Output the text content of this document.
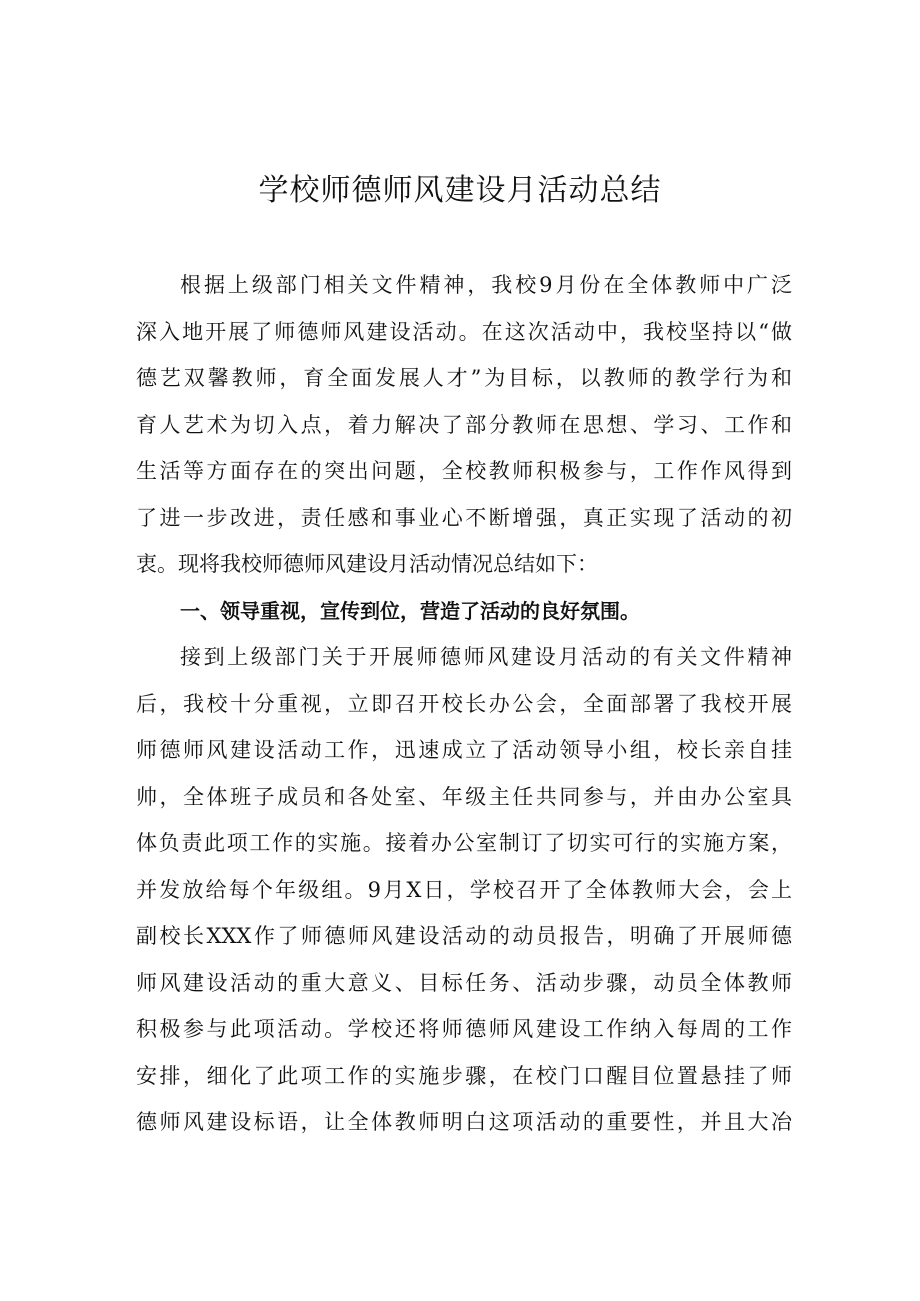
学校师德师风建设月活动总结
根据上级部门相关文件精神，我校9月份在全体教师中广泛
深入地开展了师德师风建设活动。在这次活动中，我校坚持以“做
德艺双馨教师，育全面发展人才”为目标，以教师的教学行为和
育人艺术为切入点，着力解决了部分教师在思想、学习、工作和
生活等方面存在的突出问题，全校教师积极参与，工作作风得到
了进一步改进，责任感和事业心不断增强，真正实现了活动的初
衷。现将我校师德师风建设月活动情况总结如下：
一、领导重视，宣传到位，营造了活动的良好氛围。
接到上级部门关于开展师德师风建设月活动的有关文件精神
后，我校十分重视，立即召开校长办公会，全面部署了我校开展
师德师风建设活动工作，迅速成立了活动领导小组，校长亲自挂
帅，全体班子成员和各处室、年级主任共同参与，并由办公室具
体负责此项工作的实施。接着办公室制订了切实可行的实施方案，
并发放给每个年级组。9月X日，学校召开了全体教师大会，会上
副校长XXX作了师德师风建设活动的动员报告，明确了开展师德
师风建设活动的重大意义、目标任务、活动步骤，动员全体教师
积极参与此项活动。学校还将师德师风建设工作纳入每周的工作
安排，细化了此项工作的实施步骤，在校门口醒目位置悬挂了师
德师风建设标语，让全体教师明白这项活动的重要性，并且大冶
